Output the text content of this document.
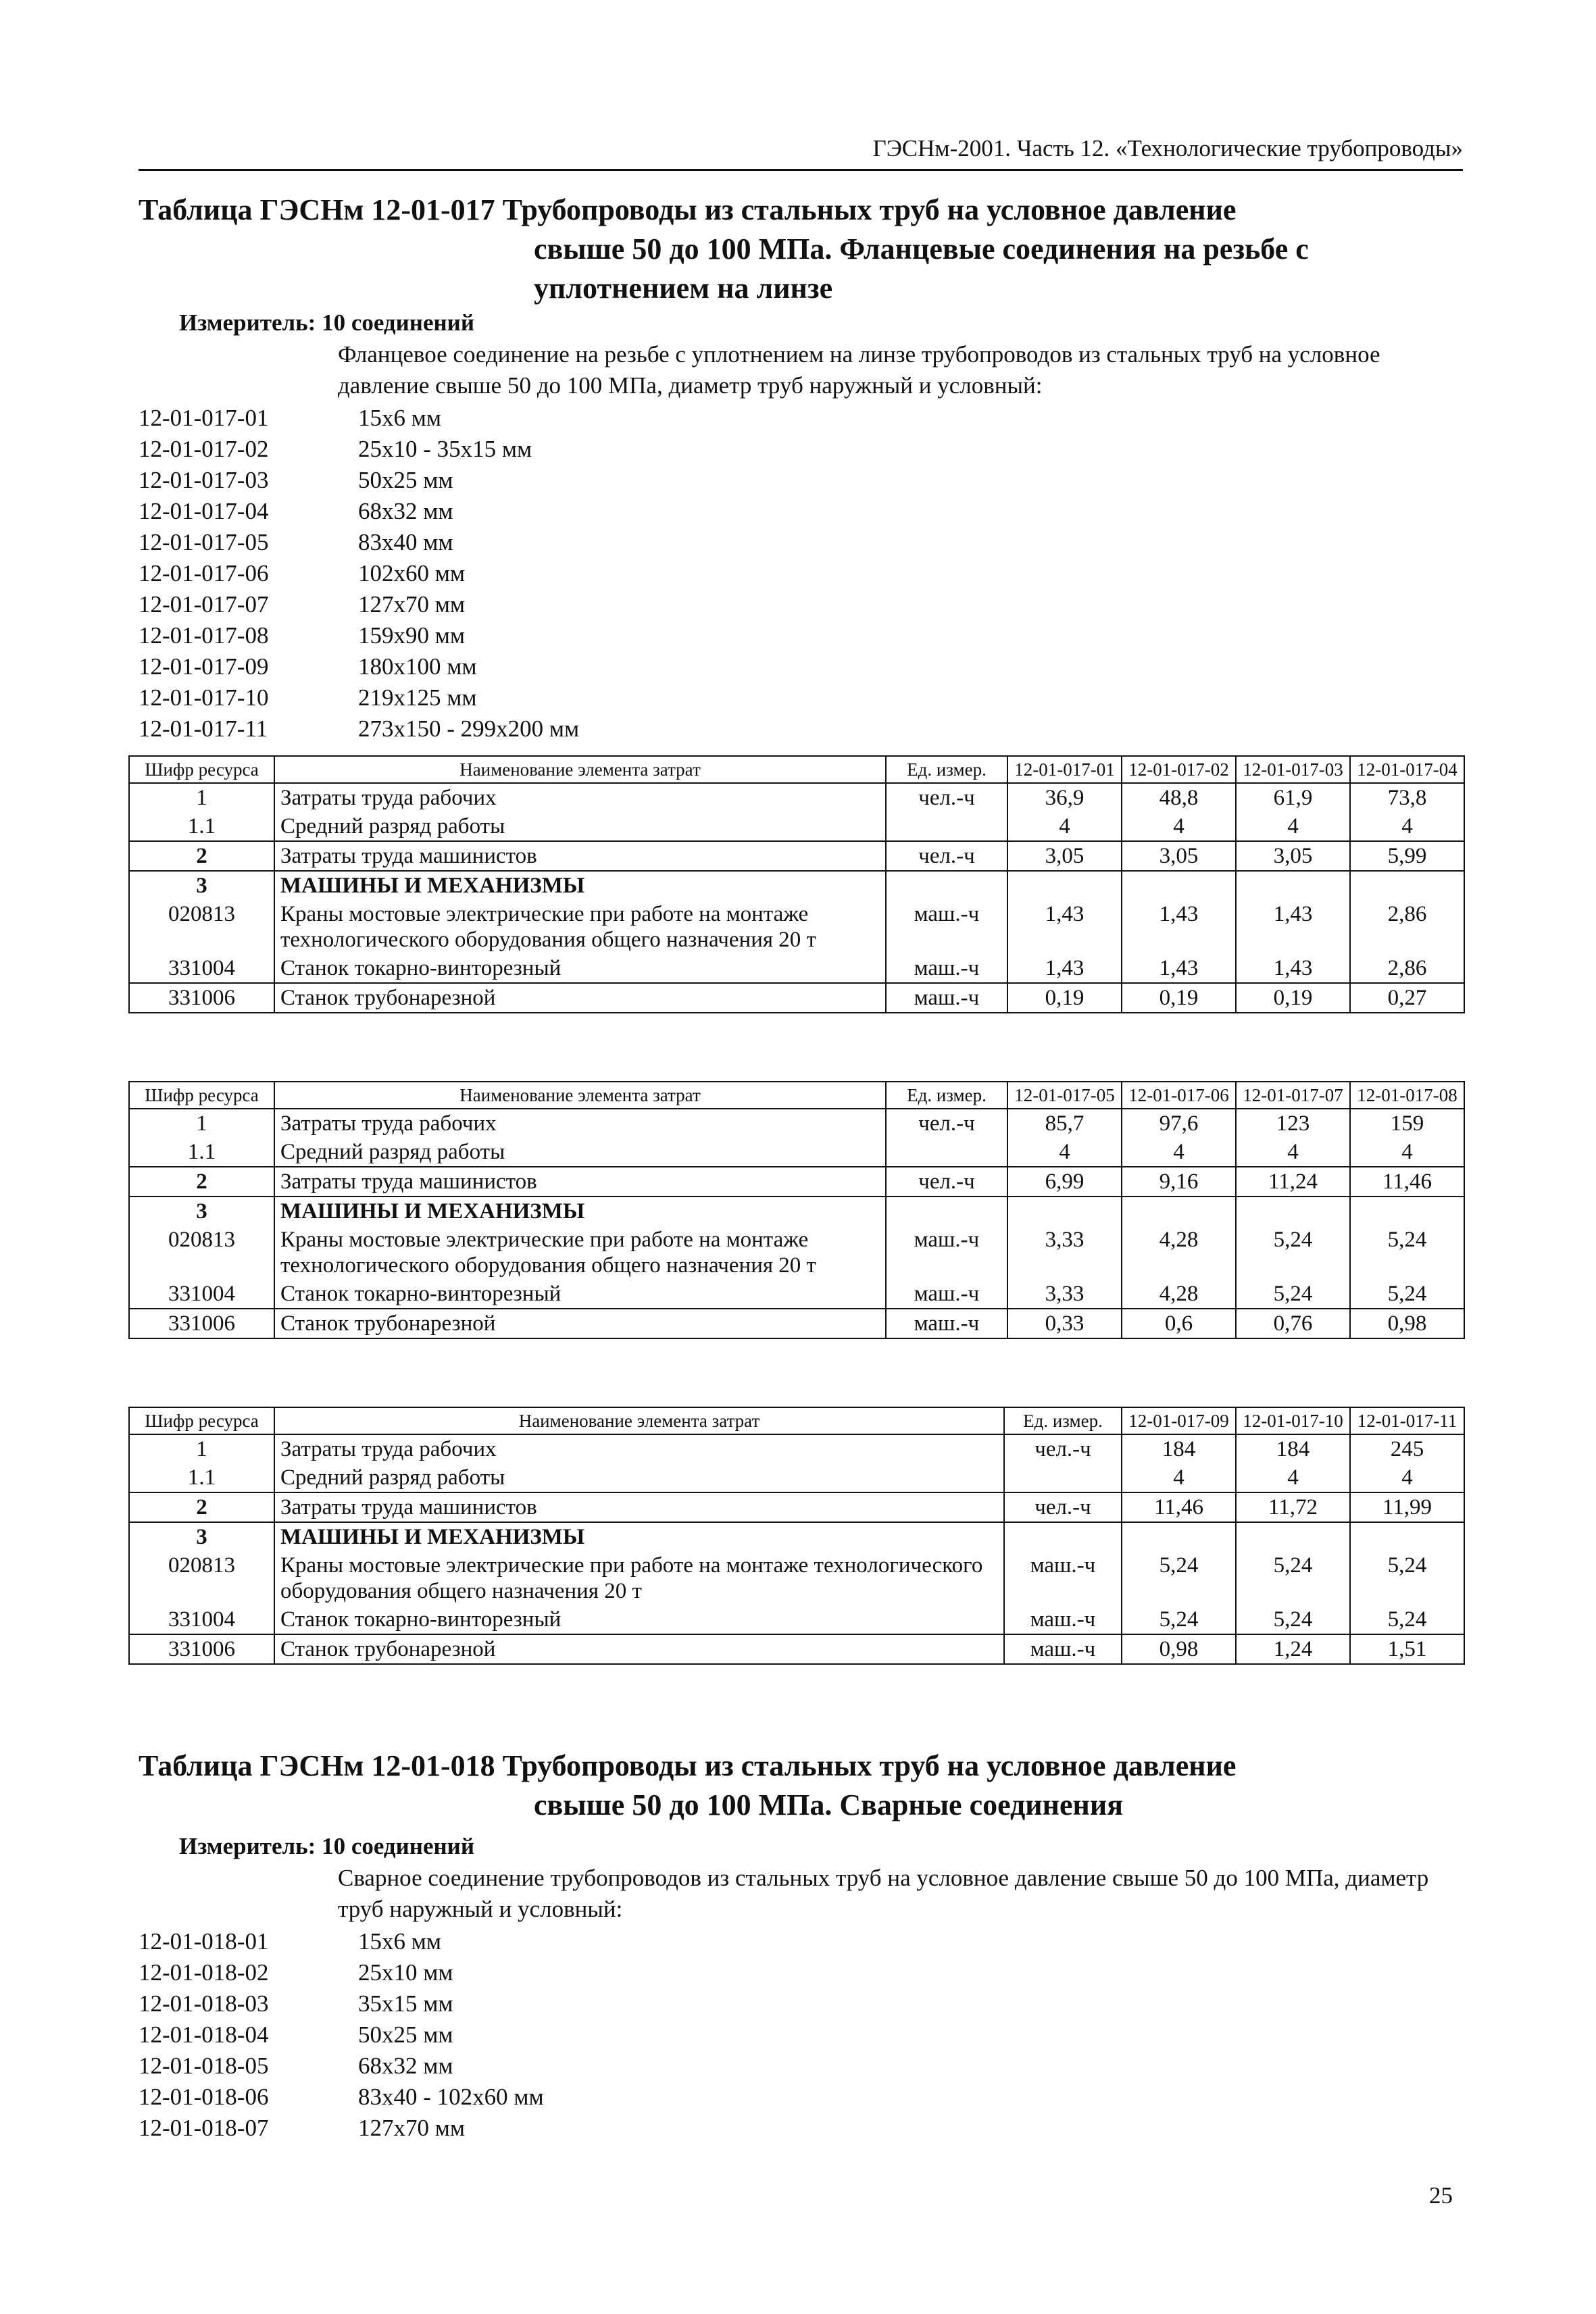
ГЭСНм-2001. Часть 12. «Технологические трубопроводы»
Таблица ГЭСНм 12-01-017 Трубопроводы из стальных труб на условное давление
свыше 50 до 100 МПа. Фланцевые соединения на резьбе с
уплотнением на линзе
Измеритель: 10 соединений
Фланцевое соединение на резьбе с уплотнением на линзе трубопроводов из стальных труб на условное давление свыше 50 до 100 МПа, диаметр труб наружный и условный:
12-01-017-01	15x6 мм
12-01-017-02	25x10 - 35x15 мм
12-01-017-03	50x25 мм
12-01-017-04	68x32 мм
12-01-017-05	83x40 мм
12-01-017-06	102x60 мм
12-01-017-07	127x70 мм
12-01-017-08	159x90 мм
12-01-017-09	180x100 мм
12-01-017-10	219x125 мм
12-01-017-11	273x150 - 299x200 мм
Шифр ресурса	Наименование элемента затрат	Ед. измер.	12-01-017-01	12-01-017-02	12-01-017-03	12-01-017-04
1	Затраты труда рабочих	чел.-ч	36,9	48,8	61,9	73,8
1.1	Средний разряд работы		4	4	4	4
2	Затраты труда машинистов	чел.-ч	3,05	3,05	3,05	5,99
3	МАШИНЫ И МЕХАНИЗМЫ					
020813	Краны мостовые электрические при работе на монтаже технологического оборудования общего назначения 20 т	маш.-ч	1,43	1,43	1,43	2,86
331004	Станок токарно-винторезный	маш.-ч	1,43	1,43	1,43	2,86
331006	Станок трубонарезной	маш.-ч	0,19	0,19	0,19	0,27
Шифр ресурса	Наименование элемента затрат	Ед. измер.	12-01-017-05	12-01-017-06	12-01-017-07	12-01-017-08
1	Затраты труда рабочих	чел.-ч	85,7	97,6	123	159
1.1	Средний разряд работы		4	4	4	4
2	Затраты труда машинистов	чел.-ч	6,99	9,16	11,24	11,46
3	МАШИНЫ И МЕХАНИЗМЫ					
020813	Краны мостовые электрические при работе на монтаже технологического оборудования общего назначения 20 т	маш.-ч	3,33	4,28	5,24	5,24
331004	Станок токарно-винторезный	маш.-ч	3,33	4,28	5,24	5,24
331006	Станок трубонарезной	маш.-ч	0,33	0,6	0,76	0,98
Шифр ресурса	Наименование элемента затрат	Ед. измер.	12-01-017-09	12-01-017-10	12-01-017-11
1	Затраты труда рабочих	чел.-ч	184	184	245
1.1	Средний разряд работы		4	4	4
2	Затраты труда машинистов	чел.-ч	11,46	11,72	11,99
3	МАШИНЫ И МЕХАНИЗМЫ				
020813	Краны мостовые электрические при работе на монтаже технологического оборудования общего назначения 20 т	маш.-ч	5,24	5,24	5,24
331004	Станок токарно-винторезный	маш.-ч	5,24	5,24	5,24
331006	Станок трубонарезной	маш.-ч	0,98	1,24	1,51
Таблица ГЭСНм 12-01-018 Трубопроводы из стальных труб на условное давление
свыше 50 до 100 МПа. Сварные соединения
Измеритель: 10 соединений
Сварное соединение трубопроводов из стальных труб на условное давление свыше 50 до 100 МПа, диаметр труб наружный и условный:
12-01-018-01	15x6 мм
12-01-018-02	25x10 мм
12-01-018-03	35x15 мм
12-01-018-04	50x25 мм
12-01-018-05	68x32 мм
12-01-018-06	83x40 - 102x60 мм
12-01-018-07	127x70 мм
25
